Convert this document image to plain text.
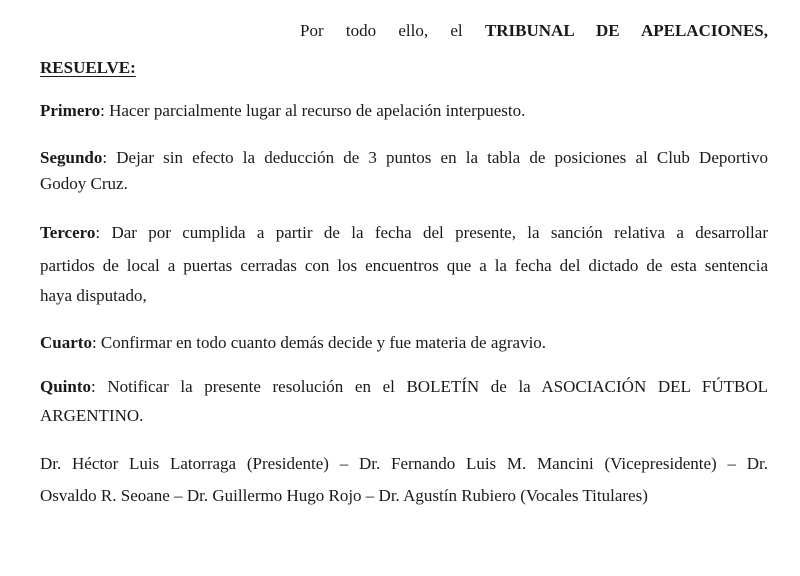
Por todo ello, el TRIBUNAL DE APELACIONES,
RESUELVE:
Primero: Hacer parcialmente lugar al recurso de apelación interpuesto.
Segundo: Dejar sin efecto la deducción de 3 puntos en la tabla de posiciones al Club Deportivo
Godoy Cruz.
Tercero: Dar por cumplida a partir de la fecha del presente, la sanción relativa a desarrollar
partidos de local a puertas cerradas con los encuentros que a la fecha del dictado de esta sentencia
haya disputado,
Cuarto: Confirmar en todo cuanto demás decide y fue materia de agravio.
Quinto: Notificar la presente resolución en el BOLETÍN de la ASOCIACIÓN DEL FÚTBOL
ARGENTINO.
Dr. Héctor Luis Latorraga (Presidente) – Dr. Fernando Luis M. Mancini (Vicepresidente) – Dr.
Osvaldo R. Seoane – Dr. Guillermo Hugo Rojo – Dr. Agustín Rubiero (Vocales Titulares)
